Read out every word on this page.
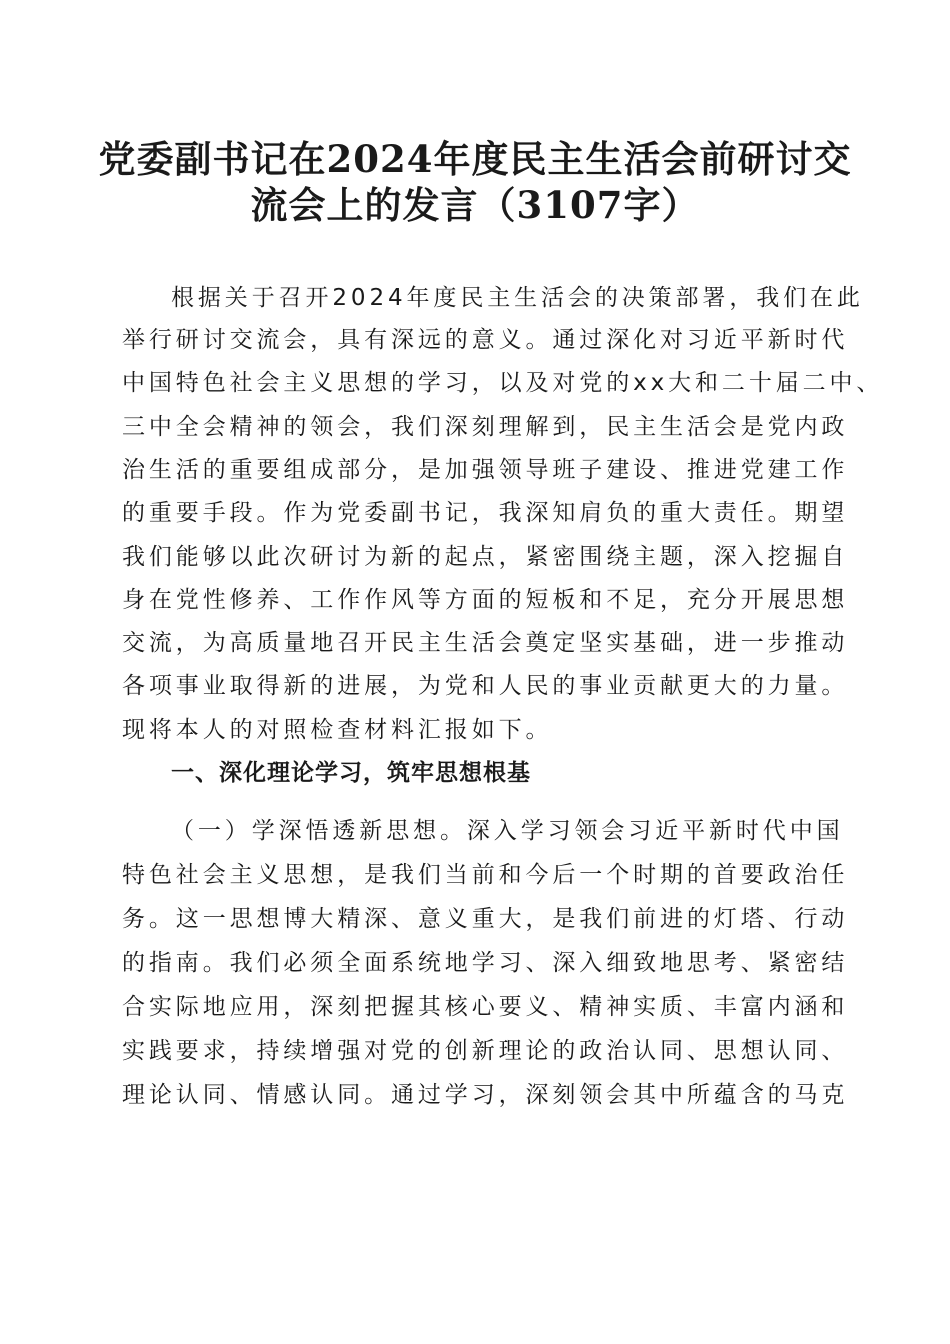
党委副书记在2024年度民主生活会前研讨交
流会上的发言（3107字）
根据关于召开2024年度民主生活会的决策部署，我们在此
举行研讨交流会，具有深远的意义。通过深化对习近平新时代
中国特色社会主义思想的学习，以及对党的xx大和二十届二中、
三中全会精神的领会，我们深刻理解到，民主生活会是党内政
治生活的重要组成部分，是加强领导班子建设、推进党建工作
的重要手段。作为党委副书记，我深知肩负的重大责任。期望
我们能够以此次研讨为新的起点，紧密围绕主题，深入挖掘自
身在党性修养、工作作风等方面的短板和不足，充分开展思想
交流，为高质量地召开民主生活会奠定坚实基础，进一步推动
各项事业取得新的进展，为党和人民的事业贡献更大的力量。
现将本人的对照检查材料汇报如下。
一、深化理论学习，筑牢思想根基
（一）学深悟透新思想。深入学习领会习近平新时代中国
特色社会主义思想，是我们当前和今后一个时期的首要政治任
务。这一思想博大精深、意义重大，是我们前进的灯塔、行动
的指南。我们必须全面系统地学习、深入细致地思考、紧密结
合实际地应用，深刻把握其核心要义、精神实质、丰富内涵和
实践要求，持续增强对党的创新理论的政治认同、思想认同、
理论认同、情感认同。通过学习，深刻领会其中所蕴含的马克
